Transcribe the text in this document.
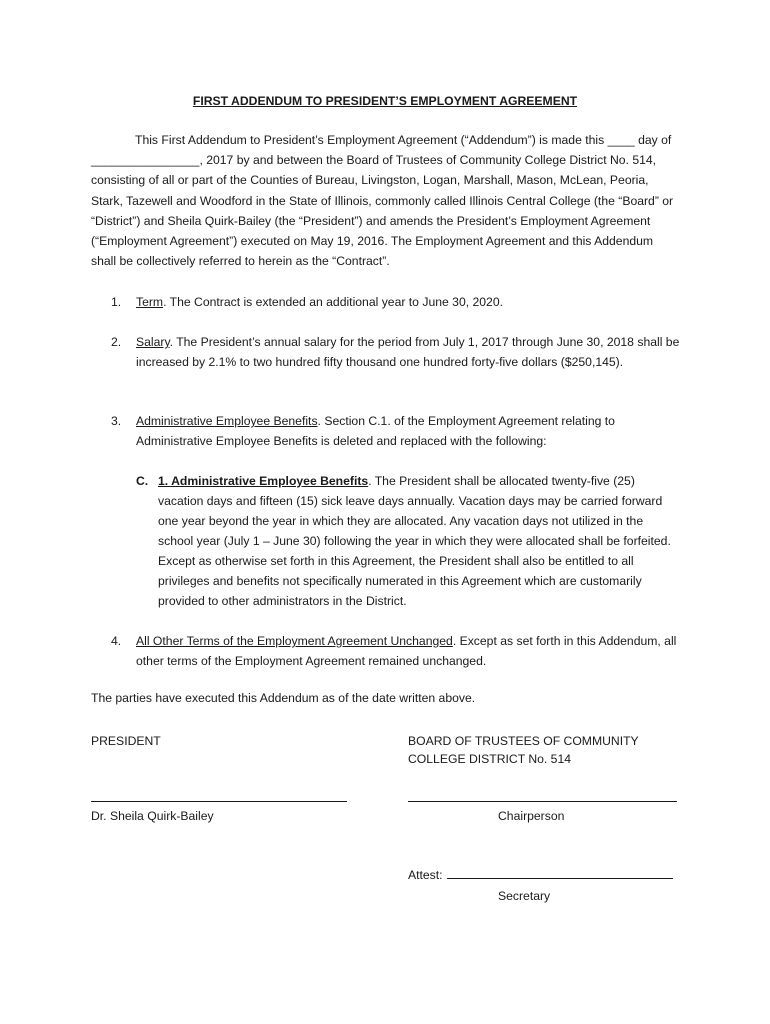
FIRST ADDENDUM TO PRESIDENT’S EMPLOYMENT AGREEMENT

This First Addendum to President’s Employment Agreement (“Addendum”) is made this ____ day of ________________, 2017 by and between the Board of Trustees of Community College District No. 514, consisting of all or part of the Counties of Bureau, Livingston, Logan, Marshall, Mason, McLean, Peoria, Stark, Tazewell and Woodford in the State of Illinois, commonly called Illinois Central College (the “Board” or “District”) and Sheila Quirk-Bailey (the “President”) and amends the President’s Employment Agreement (“Employment Agreement”) executed on May 19, 2016. The Employment Agreement and this Addendum shall be collectively referred to herein as the “Contract”.

1. Term. The Contract is extended an additional year to June 30, 2020.
2. Salary. The President’s annual salary for the period from July 1, 2017 through June 30, 2018 shall be increased by 2.1% to two hundred fifty thousand one hundred forty-five dollars ($250,145).
3. Administrative Employee Benefits. Section C.1. of the Employment Agreement relating to Administrative Employee Benefits is deleted and replaced with the following:
C. 1. Administrative Employee Benefits. The President shall be allocated twenty-five (25) vacation days and fifteen (15) sick leave days annually. Vacation days may be carried forward one year beyond the year in which they are allocated. Any vacation days not utilized in the school year (July 1 – June 30) following the year in which they were allocated shall be forfeited. Except as otherwise set forth in this Agreement, the President shall also be entitled to all privileges and benefits not specifically numerated in this Agreement which are customarily provided to other administrators in the District.
4. All Other Terms of the Employment Agreement Unchanged. Except as set forth in this Addendum, all other terms of the Employment Agreement remained unchanged.

The parties have executed this Addendum as of the date written above.

PRESIDENT	BOARD OF TRUSTEES OF COMMUNITY

COLLEGE DISTRICT No. 514

Dr. Sheila Quirk-Bailey	Chairperson

Attest:

Secretary
